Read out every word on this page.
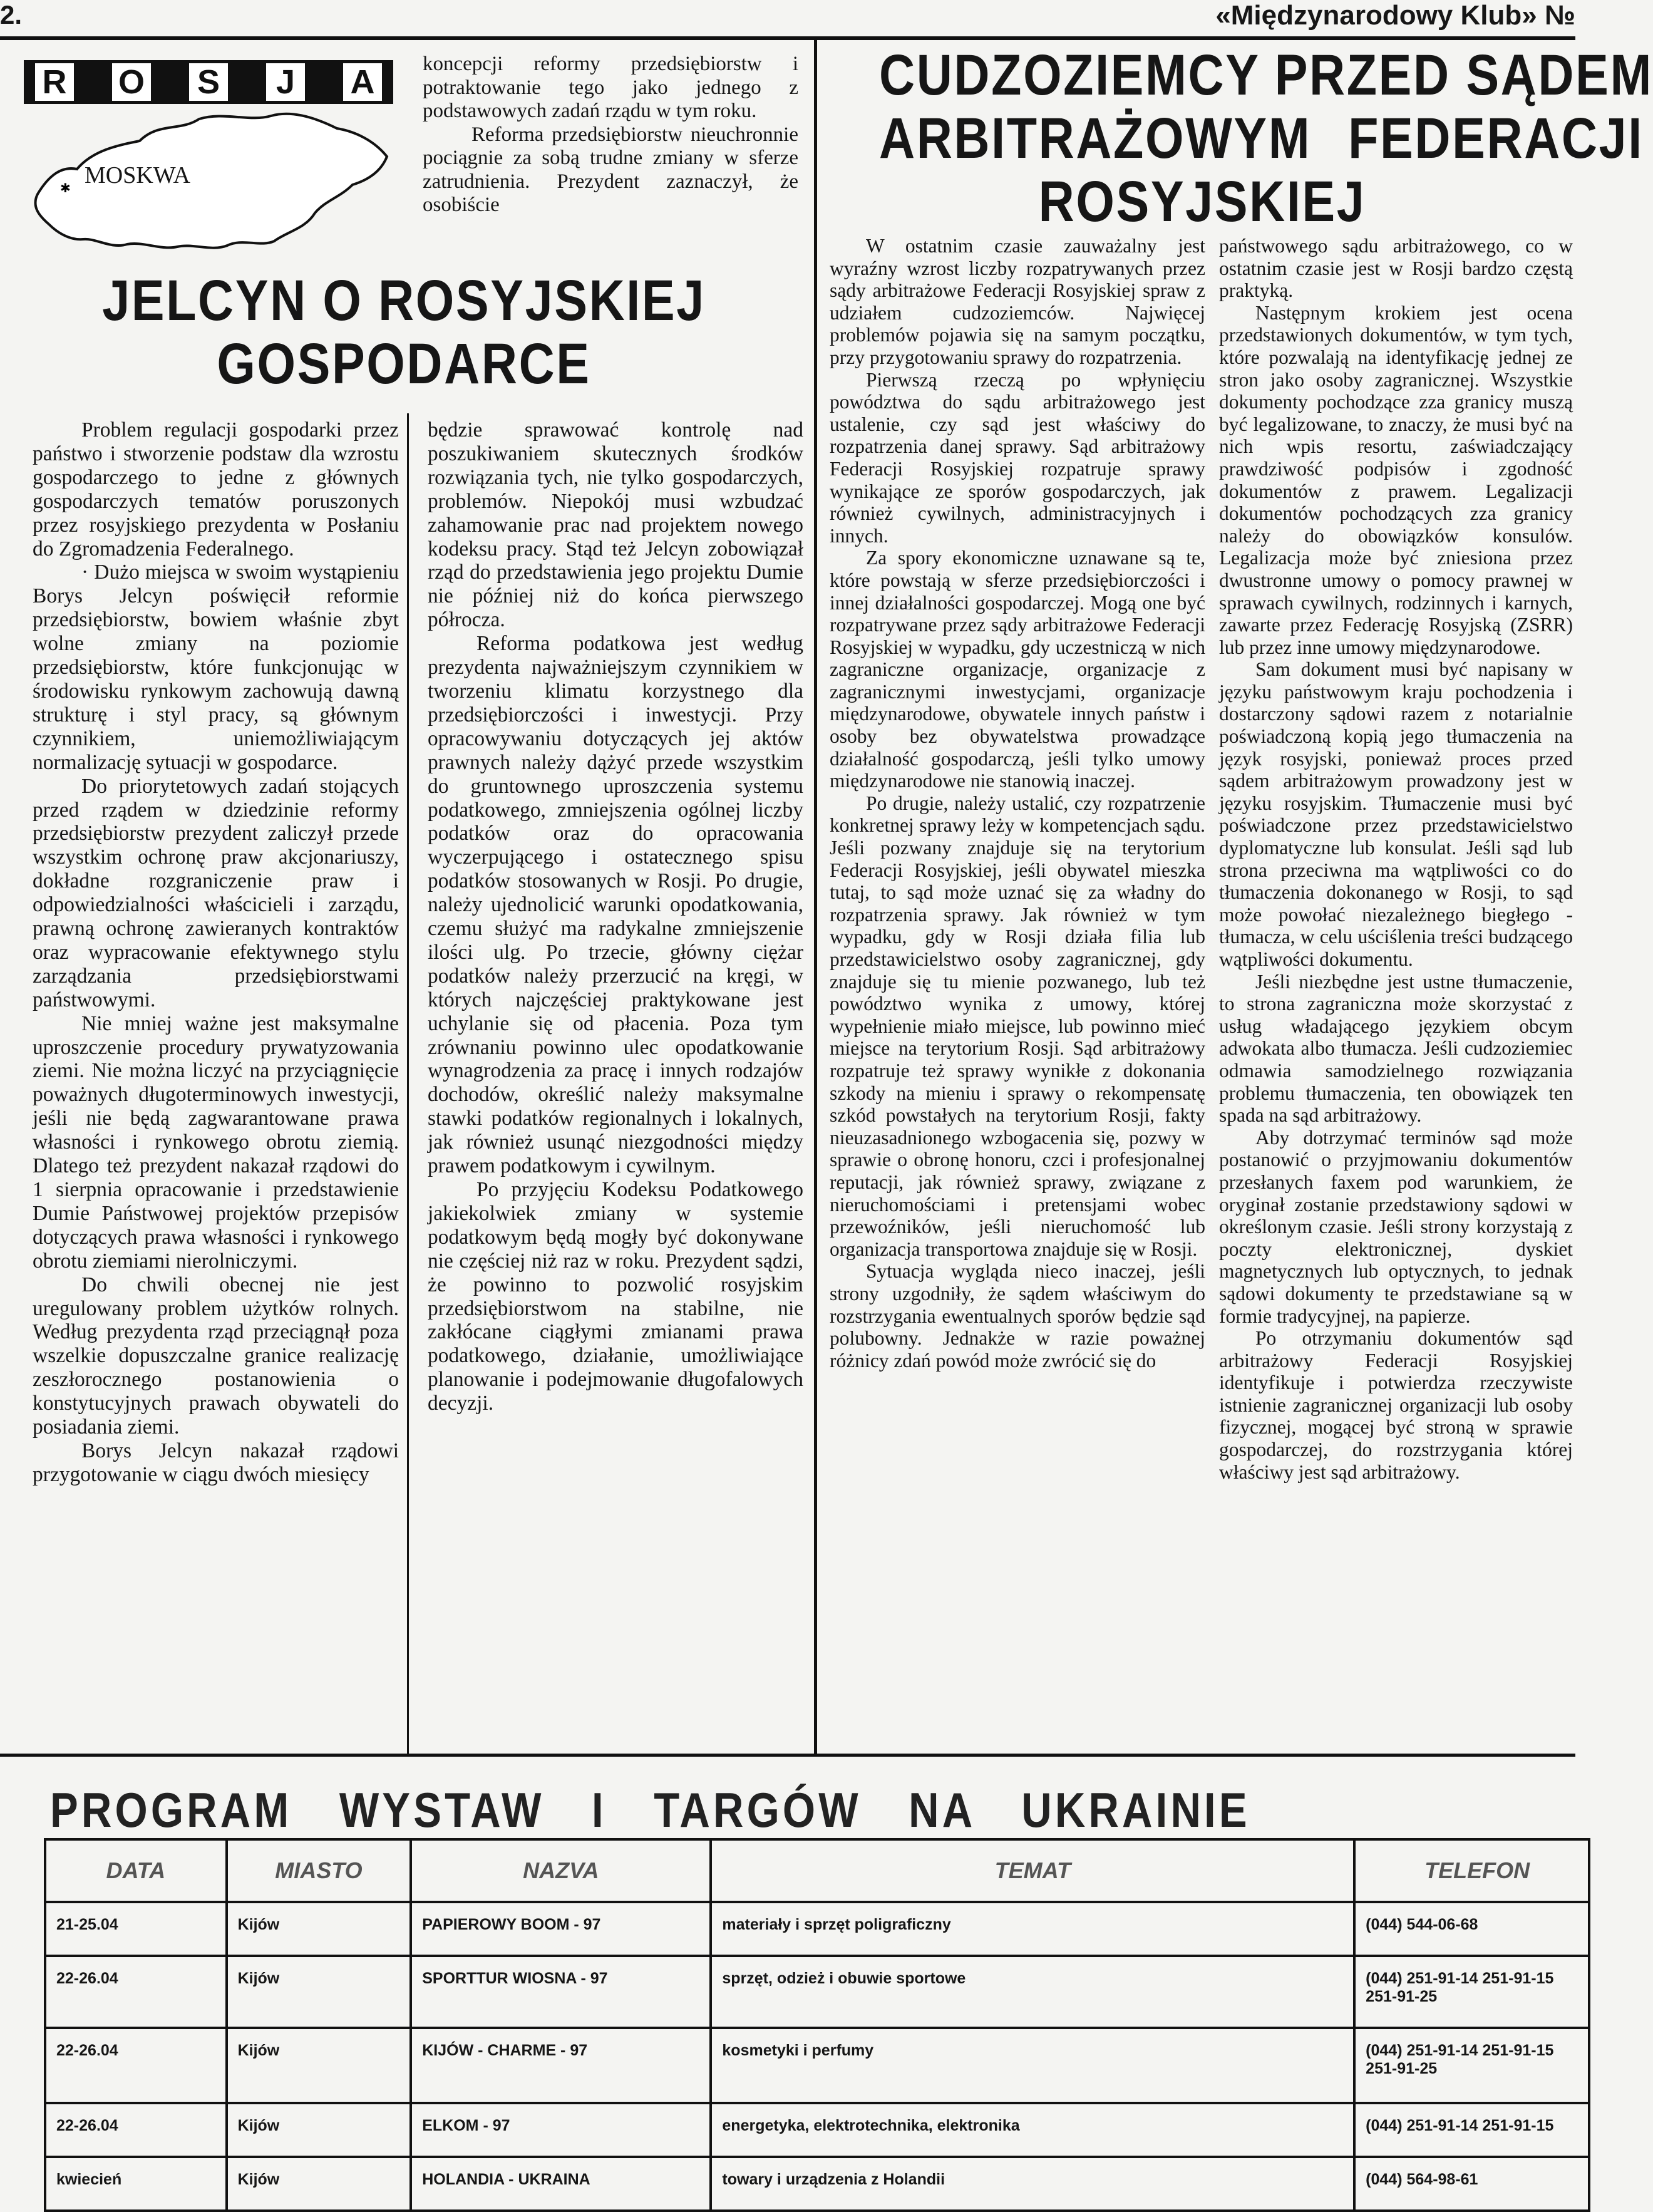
2.	«Międzynarodowy Klub» №
R O S J A
✱ MOSKWA

koncepcji reformy przedsiębiorstw i potraktowanie tego jako jednego z podstawowych zadań rządu w tym roku.

Reforma przedsiębiorstw nieuchronnie pociągnie za sobą trudne zmiany w sferze zatrudnienia. Prezydent zaznaczył, że osobiście

JELCYN O ROSYJSKIEJ
GOSPODARCE

Problem regulacji gospodarki przez państwo i stworzenie podstaw dla wzrostu gospodarczego to jedne z głównych gospodarczych tematów poruszonych przez rosyjskiego prezydenta w Posłaniu do Zgromadzenia Federalnego.

· Dużo miejsca w swoim wystąpieniu Borys Jelcyn poświęcił reformie przedsiębiorstw, bowiem właśnie zbyt wolne zmiany na poziomie przedsiębiorstw, które funkcjonując w środowisku rynkowym zachowują dawną strukturę i styl pracy, są głównym czynnikiem, uniemożliwiającym normalizację sytuacji w gospodarce.

Do priorytetowych zadań stojących przed rządem w dziedzinie reformy przedsiębiorstw prezydent zaliczył przede wszystkim ochronę praw akcjonariuszy, dokładne rozgraniczenie praw i odpowiedzialności właścicieli i zarządu, prawną ochronę zawieranych kontraktów oraz wypracowanie efektywnego stylu zarządzania przedsiębiorstwami państwowymi.

Nie mniej ważne jest maksymalne uproszczenie procedury prywatyzowania ziemi. Nie można liczyć na przyciągnięcie poważnych długoterminowych inwestycji, jeśli nie będą zagwarantowane prawa własności i rynkowego obrotu ziemią. Dlatego też prezydent nakazał rządowi do 1 sierpnia opracowanie i przedstawienie Dumie Państwowej projektów przepisów dotyczących prawa własności i rynkowego obrotu ziemiami nierolniczymi.

Do chwili obecnej nie jest uregulowany problem użytków rolnych. Według prezydenta rząd przeciągnął poza wszelkie dopuszczalne granice realizację zeszłorocznego postanowienia o konstytucyjnych prawach obywateli do posiadania ziemi.

Borys Jelcyn nakazał rządowi przygotowanie w ciągu dwóch miesięcy

będzie sprawować kontrolę nad poszukiwaniem skutecznych środków rozwiązania tych, nie tylko gospodarczych, problemów. Niepokój musi wzbudzać zahamowanie prac nad projektem nowego kodeksu pracy. Stąd też Jelcyn zobowiązał rząd do przedstawienia jego projektu Dumie nie później niż do końca pierwszego półrocza.

Reforma podatkowa jest według prezydenta najważniejszym czynnikiem w tworzeniu klimatu korzystnego dla przedsiębiorczości i inwestycji. Przy opracowywaniu dotyczących jej aktów prawnych należy dążyć przede wszystkim do gruntownego uproszczenia systemu podatkowego, zmniejszenia ogólnej liczby podatków oraz do opracowania wyczerpującego i ostatecznego spisu podatków stosowanych w Rosji. Po drugie, należy ujednolicić warunki opodatkowania, czemu służyć ma radykalne zmniejszenie ilości ulg. Po trzecie, główny ciężar podatków należy przerzucić na kręgi, w których najczęściej praktykowane jest uchylanie się od płacenia. Poza tym zrównaniu powinno ulec opodatkowanie wynagrodzenia za pracę i innych rodzajów dochodów, określić należy maksymalne stawki podatków regionalnych i lokalnych, jak również usunąć niezgodności między prawem podatkowym i cywilnym.

Po przyjęciu Kodeksu Podatkowego jakiekolwiek zmiany w systemie podatkowym będą mogły być dokonywane nie częściej niż raz w roku. Prezydent sądzi, że powinno to pozwolić rosyjskim przedsiębiorstwom na stabilne, nie zakłócane ciągłymi zmianami prawa podatkowego, działanie, umożliwiające planowanie i podejmowanie długofalowych decyzji.

CUDZOZIEMCY PRZED SĄDEM
ARBITRAŻOWYM FEDERACJI
ROSYJSKIEJ

W ostatnim czasie zauważalny jest wyraźny wzrost liczby rozpatrywanych przez sądy arbitrażowe Federacji Rosyjskiej spraw z udziałem cudzoziemców. Najwięcej problemów pojawia się na samym początku, przy przygotowaniu sprawy do rozpatrzenia.

Pierwszą rzeczą po wpłynięciu powództwa do sądu arbitrażowego jest ustalenie, czy sąd jest właściwy do rozpatrzenia danej sprawy. Sąd arbitrażowy Federacji Rosyjskiej rozpatruje sprawy wynikające ze sporów gospodarczych, jak również cywilnych, administracyjnych i innych.

Za spory ekonomiczne uznawane są te, które powstają w sferze przedsiębiorczości i innej działalności gospodarczej. Mogą one być rozpatrywane przez sądy arbitrażowe Federacji Rosyjskiej w wypadku, gdy uczestniczą w nich zagraniczne organizacje, organizacje z zagranicznymi inwestycjami, organizacje międzynarodowe, obywatele innych państw i osoby bez obywatelstwa prowadzące działalność gospodarczą, jeśli tylko umowy międzynarodowe nie stanowią inaczej.

Po drugie, należy ustalić, czy rozpatrzenie konkretnej sprawy leży w kompetencjach sądu. Jeśli pozwany znajduje się na terytorium Federacji Rosyjskiej, jeśli obywatel mieszka tutaj, to sąd może uznać się za władny do rozpatrzenia sprawy. Jak również w tym wypadku, gdy w Rosji działa filia lub przedstawicielstwo osoby zagranicznej, gdy znajduje się tu mienie pozwanego, lub też powództwo wynika z umowy, której wypełnienie miało miejsce, lub powinno mieć miejsce na terytorium Rosji. Sąd arbitrażowy rozpatruje też sprawy wynikłe z dokonania szkody na mieniu i sprawy o rekompensatę szkód powstałych na terytorium Rosji, fakty nieuzasadnionego wzbogacenia się, pozwy w sprawie o obronę honoru, czci i profesjonalnej reputacji, jak również sprawy, związane z nieruchomościami i pretensjami wobec przewoźników, jeśli nieruchomość lub organizacja transportowa znajduje się w Rosji.

Sytuacja wygląda nieco inaczej, jeśli strony uzgodniły, że sądem właściwym do rozstrzygania ewentualnych sporów będzie sąd polubowny. Jednakże w razie poważnej różnicy zdań powód może zwrócić się do

państwowego sądu arbitrażowego, co w ostatnim czasie jest w Rosji bardzo częstą praktyką.

Następnym krokiem jest ocena przedstawionych dokumentów, w tym tych, które pozwalają na identyfikację jednej ze stron jako osoby zagranicznej. Wszystkie dokumenty pochodzące zza granicy muszą być legalizowane, to znaczy, że musi być na nich wpis resortu, zaświadczający prawdziwość podpisów i zgodność dokumentów z prawem. Legalizacji dokumentów pochodzących zza granicy należy do obowiązków konsulów. Legalizacja może być zniesiona przez dwustronne umowy o pomocy prawnej w sprawach cywilnych, rodzinnych i karnych, zawarte przez Federację Rosyjską (ZSRR) lub przez inne umowy międzynarodowe.

Sam dokument musi być napisany w języku państwowym kraju pochodzenia i dostarczony sądowi razem z notarialnie poświadczoną kopią jego tłumaczenia na język rosyjski, ponieważ proces przed sądem arbitrażowym prowadzony jest w języku rosyjskim. Tłumaczenie musi być poświadczone przez przedstawicielstwo dyplomatyczne lub konsulat. Jeśli sąd lub strona przeciwna ma wątpliwości co do tłumaczenia dokonanego w Rosji, to sąd może powołać niezależnego biegłego - tłumacza, w celu uściślenia treści budzącego wątpliwości dokumentu.

Jeśli niezbędne jest ustne tłumaczenie, to strona zagraniczna może skorzystać z usług władającego językiem obcym adwokata albo tłumacza. Jeśli cudzoziemiec odmawia samodzielnego rozwiązania problemu tłumaczenia, ten obowiązek ten spada na sąd arbitrażowy.

Aby dotrzymać terminów sąd może postanowić o przyjmowaniu dokumentów przesłanych faxem pod warunkiem, że oryginał zostanie przedstawiony sądowi w określonym czasie. Jeśli strony korzystają z poczty elektronicznej, dyskiet magnetycznych lub optycznych, to jednak sądowi dokumenty te przedstawiane są w formie tradycyjnej, na papierze.

Po otrzymaniu dokumentów sąd arbitrażowy Federacji Rosyjskiej identyfikuje i potwierdza rzeczywiste istnienie zagranicznej organizacji lub osoby fizycznej, mogącej być stroną w sprawie gospodarczej, do rozstrzygania której właściwy jest sąd arbitrażowy.

PROGRAM WYSTAW I TARGÓW NA UKRAINIE
DATA	MIASTO	NAZVA	TEMAT	TELEFON
21-25.04	Kijów	PAPIEROWY BOOM - 97	materiały i sprzęt poligraficzny	(044) 544-06-68
22-26.04	Kijów	SPORTTUR WIOSNA - 97	sprzęt, odzież i obuwie sportowe	(044) 251-91-14 251-91-15 251-91-25
22-26.04	Kijów	KIJÓW - CHARME - 97	kosmetyki i perfumy	(044) 251-91-14 251-91-15 251-91-25
22-26.04	Kijów	ELKOM - 97	energetyka, elektrotechnika, elektronika	(044) 251-91-14 251-91-15
kwiecień	Kijów	HOLANDIA - UKRAINA	towary i urządzenia z Holandii	(044) 564-98-61
